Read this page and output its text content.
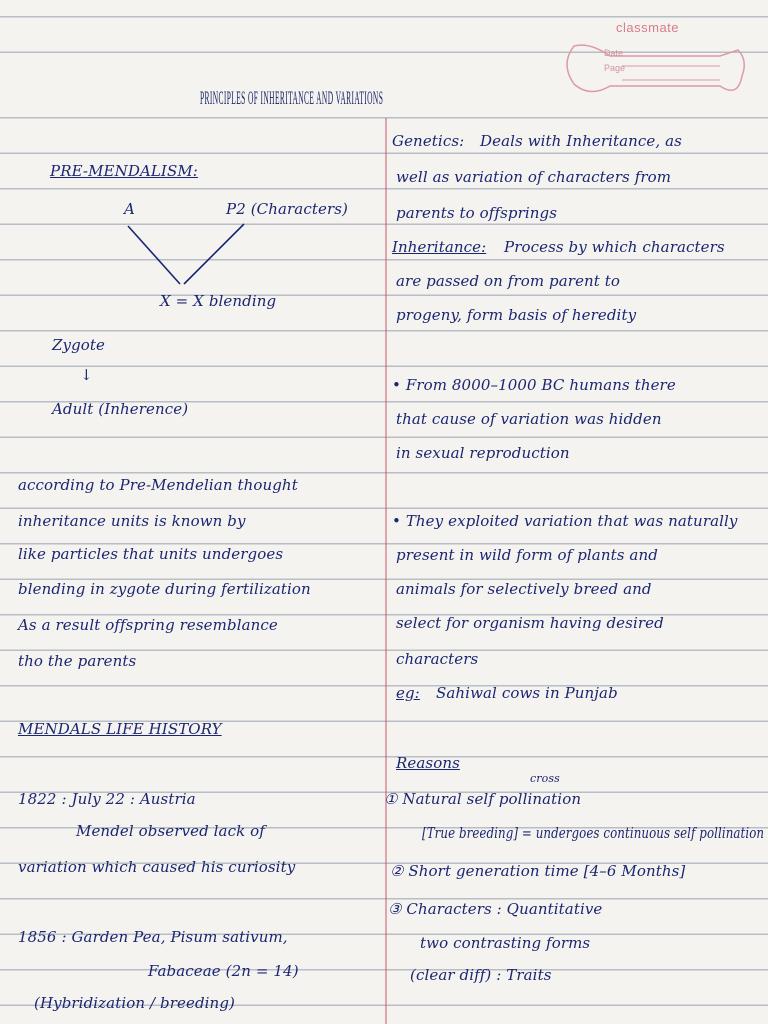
classmate
Date
Page
PRINCIPLES OF INHERITANCE AND VARIATIONS
PRE-MENDALISM:
A	P2 (Characters)
X = X blending
Zygote
↓
Adult (Inherence)
according to Pre-Mendelian thought
inheritance units is known by
like particles that units undergoes
blending in zygote during fertilization
As a result offspring resemblance
tho the parents
MENDALS LIFE HISTORY
1822 : July 22 : Austria
Mendel observed lack of
variation which caused his curiosity
1856 : Garden Pea, Pisum sativum,
Fabaceae (2n = 14)
(Hybridization / breeding)
Genetics: Deals with Inheritance, as
well as variation of characters from
parents to offsprings
Inheritance: Process by which characters
are passed on from parent to
progeny, form basis of heredity
• From 8000–1000 BC humans there
that cause of variation was hidden
in sexual reproduction
• They exploited variation that was naturally
present in wild form of plants and
animals for selectively breed and
select for organism having desired
characters
eg: Sahiwal cows in Punjab
Reasons
cross
① Natural self pollination
[True breeding] = undergoes continuous self pollination
② Short generation time [4–6 Months]
③ Characters : Quantitative
two contrasting forms
(clear diff) : Traits
